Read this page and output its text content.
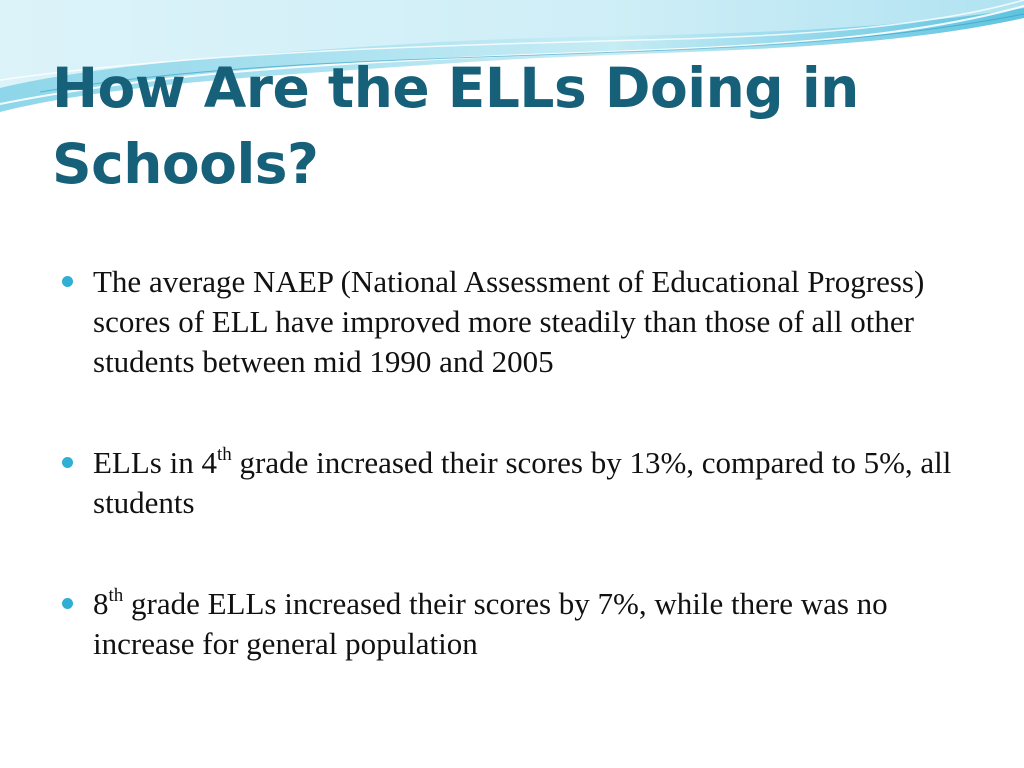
How Are the ELLs Doing in Schools?
The average NAEP (National Assessment of Educational Progress) scores of ELL have improved more steadily than those of all other students between mid 1990 and 2005
ELLs in 4th grade increased their scores by 13%, compared to 5%, all students
8th grade ELLs increased their scores by 7%, while there was no increase for general population
